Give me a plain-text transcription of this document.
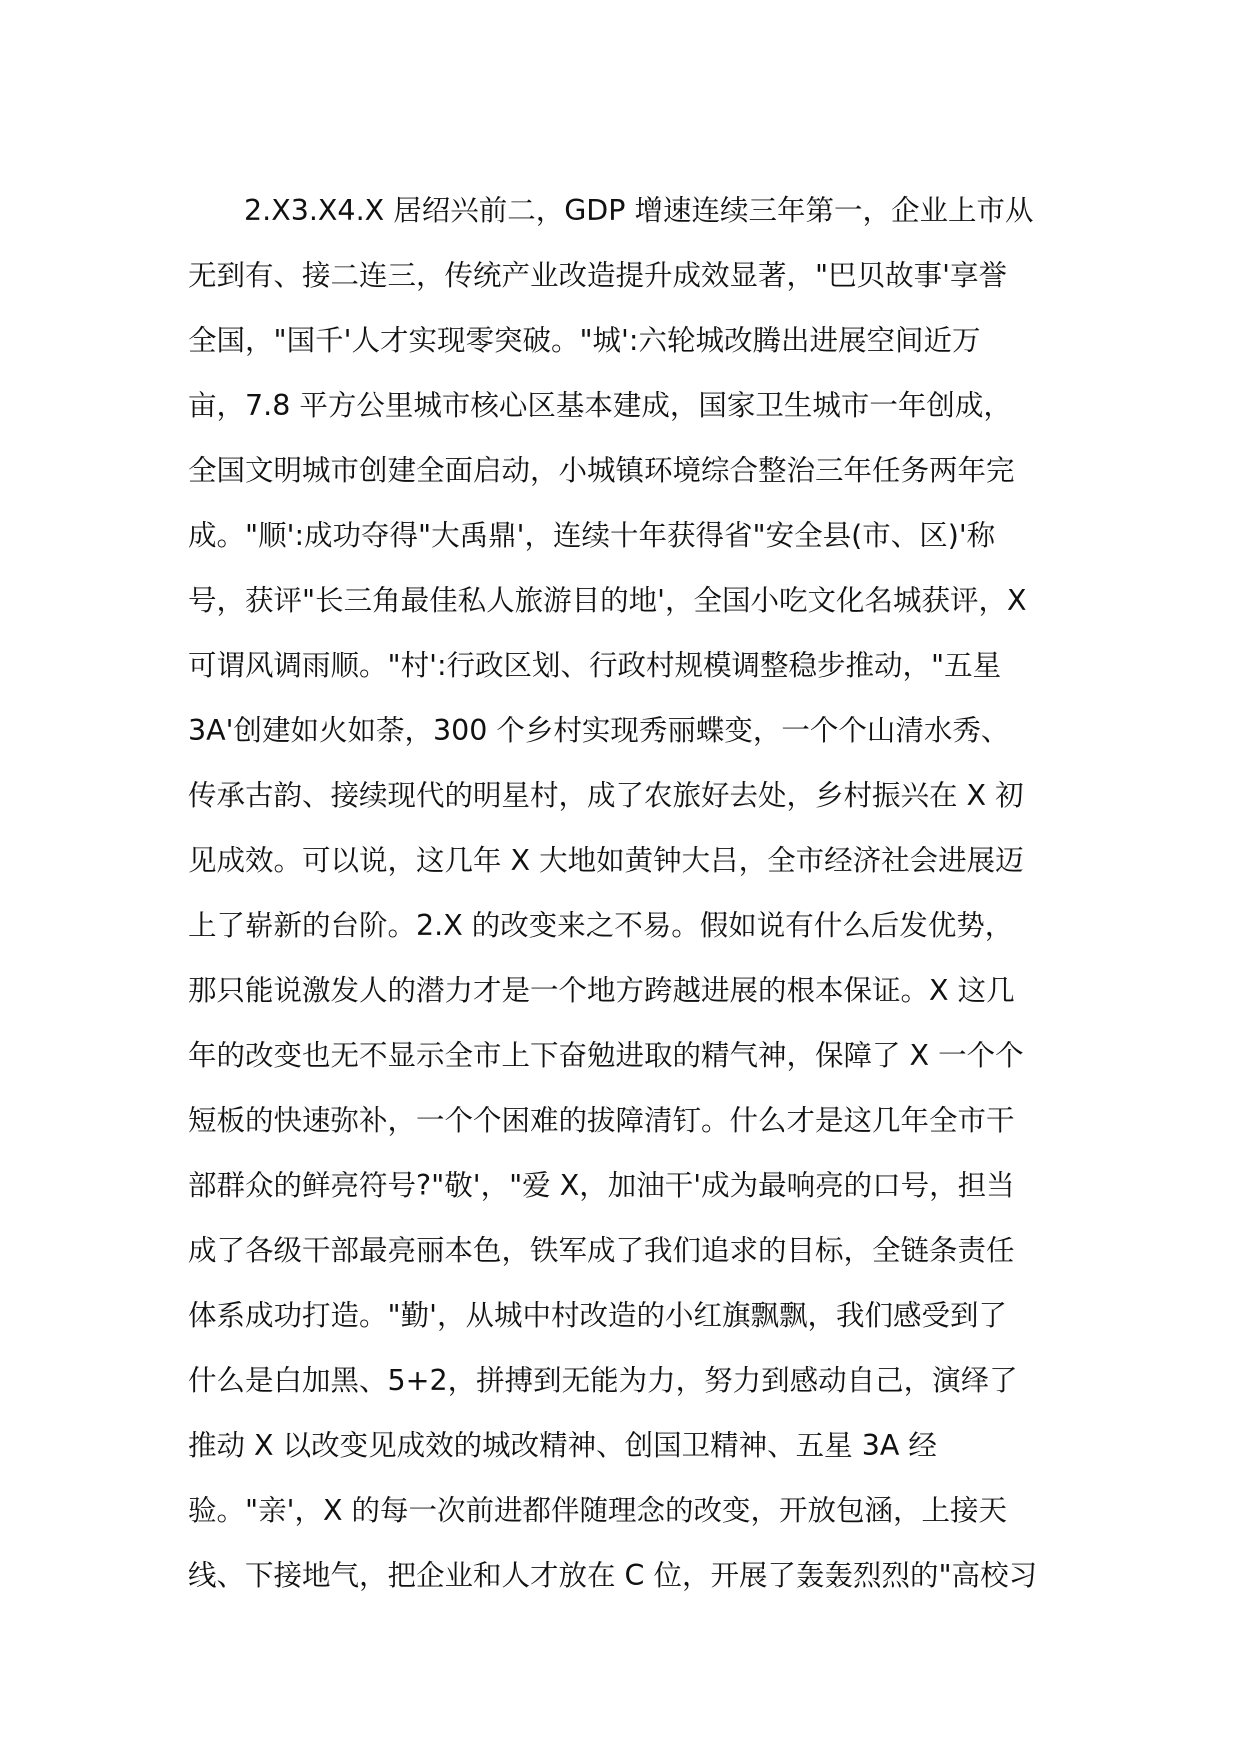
2.X3.X4.X 居绍兴前二，GDP 增速连续三年第一，企业上市从
无到有、接二连三，传统产业改造提升成效显著，"巴贝故事'享誉
全国，"国千'人才实现零突破。"城':六轮城改腾出进展空间近万
亩，7.8 平方公里城市核心区基本建成，国家卫生城市一年创成，
全国文明城市创建全面启动，小城镇环境综合整治三年任务两年完
成。"顺':成功夺得"大禹鼎'，连续十年获得省"安全县(市、区)'称
号，获评"长三角最佳私人旅游目的地'，全国小吃文化名城获评，X
可谓风调雨顺。"村':行政区划、行政村规模调整稳步推动，"五星
3A'创建如火如荼，300 个乡村实现秀丽蝶变，一个个山清水秀、
传承古韵、接续现代的明星村，成了农旅好去处，乡村振兴在 X 初
见成效。可以说，这几年 X 大地如黄钟大吕，全市经济社会进展迈
上了崭新的台阶。2.X 的改变来之不易。假如说有什么后发优势，
那只能说激发人的潜力才是一个地方跨越进展的根本保证。X 这几
年的改变也无不显示全市上下奋勉进取的精气神，保障了 X 一个个
短板的快速弥补，一个个困难的拔障清钉。什么才是这几年全市干
部群众的鲜亮符号?"敬'，"爱 X，加油干'成为最响亮的口号，担当
成了各级干部最亮丽本色，铁军成了我们追求的目标，全链条责任
体系成功打造。"勤'，从城中村改造的小红旗飘飘，我们感受到了
什么是白加黑、5+2，拼搏到无能为力，努力到感动自己，演绎了
推动 X 以改变见成效的城改精神、创国卫精神、五星 3A 经
验。"亲'，X 的每一次前进都伴随理念的改变，开放包涵，上接天
线、下接地气，把企业和人才放在 C 位，开展了轰轰烈烈的"高校习
